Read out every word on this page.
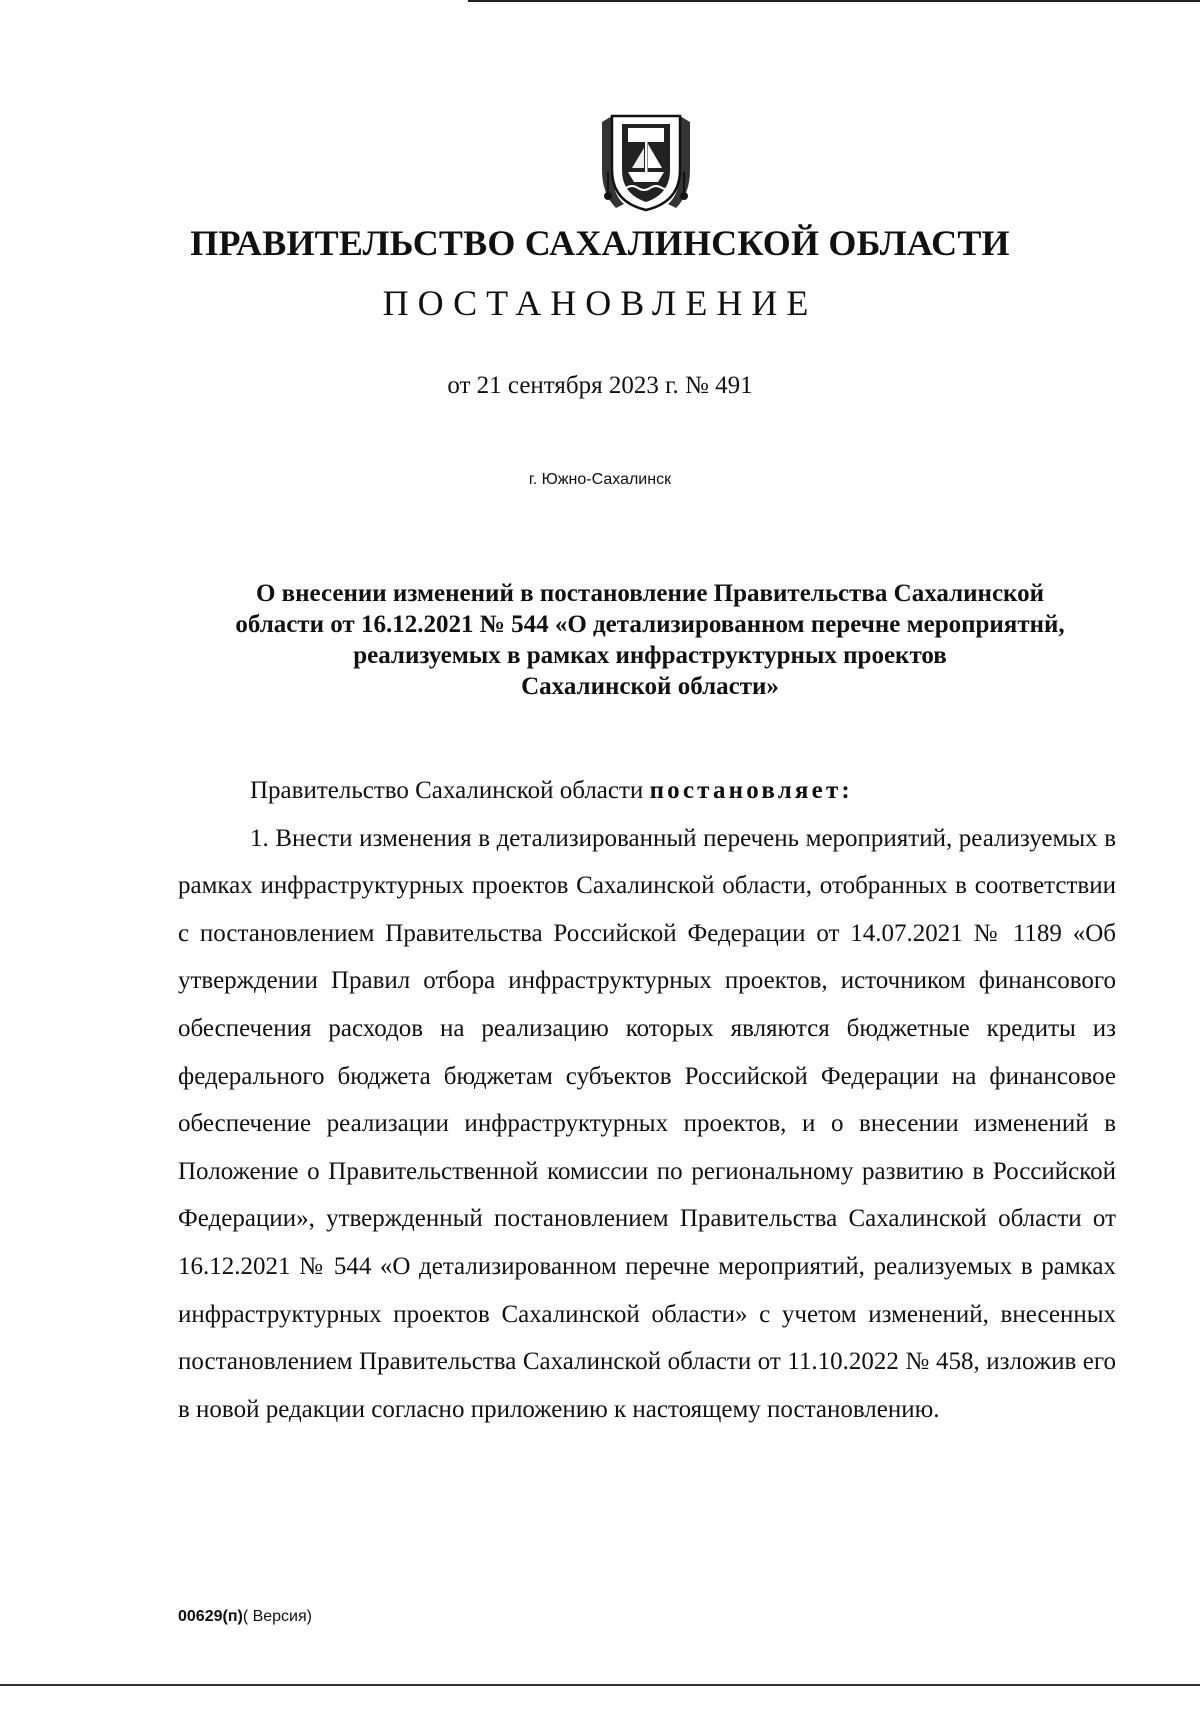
ПРАВИТЕЛЬСТВО САХАЛИНСКОЙ ОБЛАСТИ
ПОСТАНОВЛЕНИЕ
от 21 сентября 2023 г. № 491
г. Южно-Сахалинск
О внесении изменений в постановление Правительства Сахалинской
области от 16.12.2021 № 544 «О детализированном перечне мероприятнй,
реализуемых в рамках инфраструктурных проектов
Сахалинской области»

Правительство Сахалинской области постановляет:

1. Внести изменения в детализированный перечень мероприятий, реализуемых в рамках инфраструктурных проектов Сахалинской области, отобранных в соответствии с постановлением Правительства Российской Федерации от 14.07.2021 № 1189 «Об утверждении Правил отбора инфраструктурных проектов, источником финансового обеспечения расходов на реализацию которых являются бюджетные кредиты из федерального бюджета бюджетам субъектов Российской Федерации на финансовое обеспечение реализации инфраструктурных проектов, и о внесении изменений в Положение о Правительственной комиссии по региональному развитию в Российской Федерации», утвержденный постановлением Правительства Сахалинской области от 16.12.2021 № 544 «О детализированном перечне мероприятий, реализуемых в рамках инфраструктурных проектов Сахалинской области» с учетом изменений, внесенных постановлением Правительства Сахалинской области от 11.10.2022 № 458, изложив его в новой редакции согласно приложению к настоящему постановлению.

00629(п)( Версия)
